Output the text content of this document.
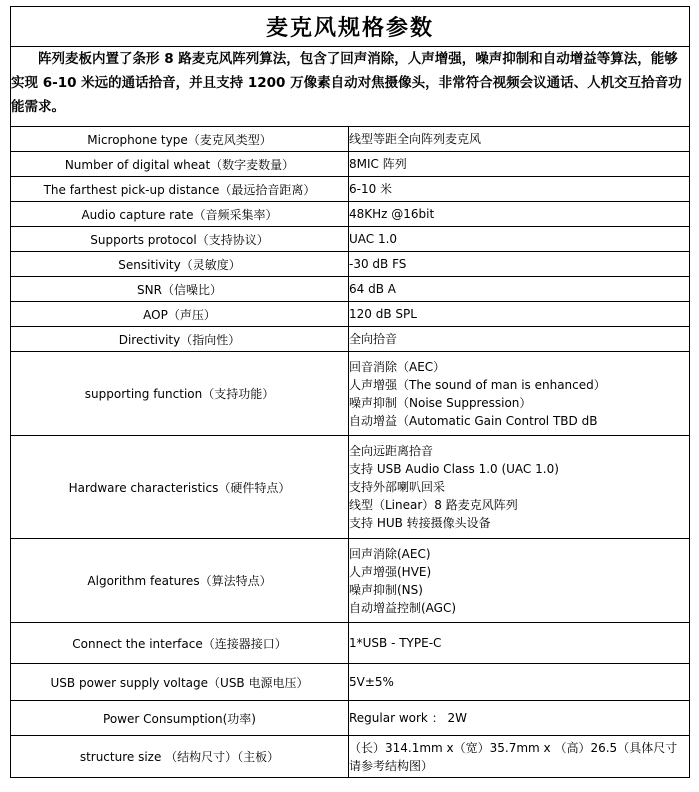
麦克风规格参数	
阵列麦板内置了条形 8 路麦克风阵列算法，包含了回声消除，人声增强，噪声抑制和自动增益等算法，能够实现 6-10 米远的通话拾音，并且支持 1200 万像素自动对焦摄像头，非常符合视频会议通话、人机交互拾音功能需求。	
Microphone type（麦克风类型）	线型等距全向阵列麦克风

Number of digital wheat（数字麦数量）	8MIC 阵列

The farthest pick-up distance（最远拾音距离）	6-10 米

Audio capture rate（音频采集率）	48KHz @16bit

Supports protocol（支持协议）	UAC 1.0

Sensitivity（灵敏度）	-30 dB FS

SNR（信噪比）	64 dB A

AOP（声压）	120 dB SPL

Directivity（指向性）	全向拾音

supporting function（支持功能）	回音消除（AEC）
人声增强（The sound of man is enhanced）
噪声抑制（Noise Suppression）
自动增益（Automatic Gain Control TBD dB

Hardware characteristics（硬件特点）	全向远距离拾音
支持 USB Audio Class 1.0 (UAC 1.0)
支持外部喇叭回采
线型（Linear）8 路麦克风阵列
支持 HUB 转接摄像头设备

Algorithm features（算法特点）	回声消除(AEC)
人声增强(HVE)
噪声抑制(NS)
自动增益控制(AGC)

Connect the interface（连接器接口）	1*USB - TYPE-C

USB power supply voltage（USB 电源电压）	5V±5%

Power Consumption(功率)	Regular work ： 2W

structure size （结构尺寸）（主板）	（长）314.1mm x（宽）35.7mm x （高）26.5（具体尺寸请参考结构图）
